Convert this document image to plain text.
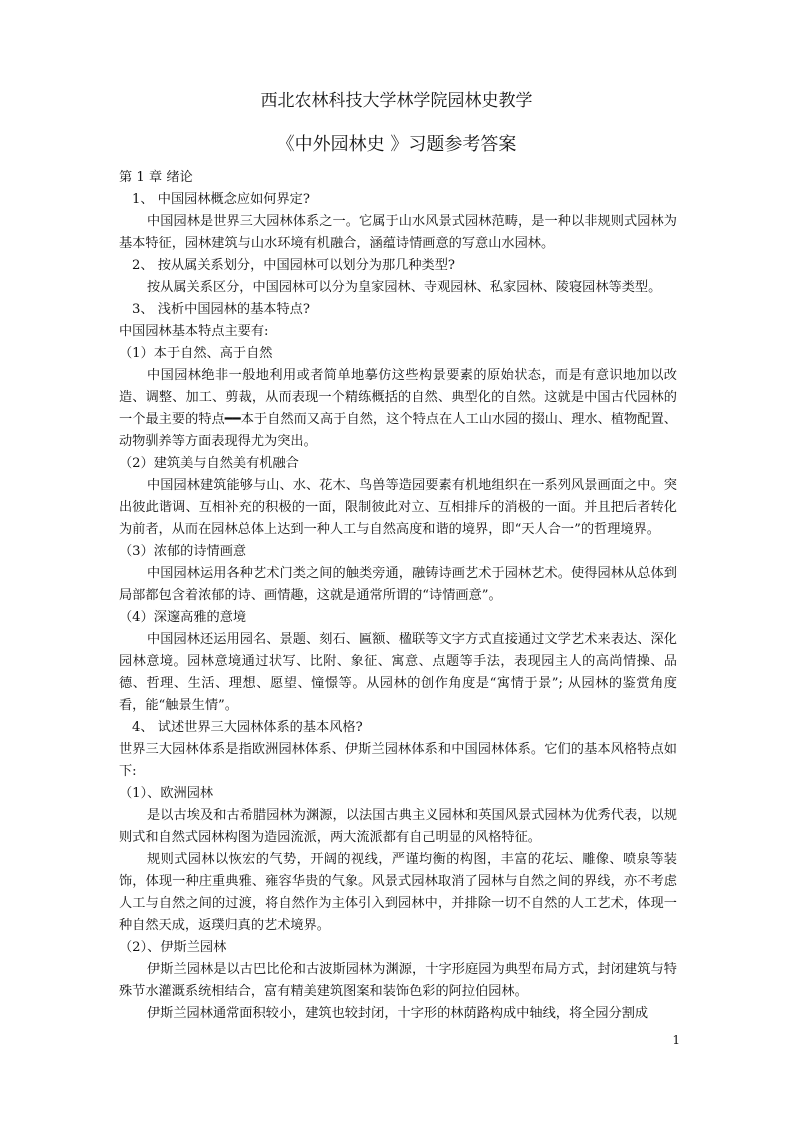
西北农林科技大学林学院园林史教学
《中外园林史 》习题参考答案

第 1 章 绪论

1、 中国园林概念应如何界定?

中国园林是世界三大园林体系之一。它属于山水风景式园林范畴，是一种以非规则式园林为基本特征，园林建筑与山水环境有机融合，涵蕴诗情画意的写意山水园林。

2、 按从属关系划分，中国园林可以划分为那几种类型?

按从属关系区分，中国园林可以分为皇家园林、寺观园林、私家园林、陵寝园林等类型。

3、 浅析中国园林的基本特点?

中国园林基本特点主要有:

（1）本于自然、高于自然

中国园林绝非一般地利用或者简单地摹仿这些构景要素的原始状态，而是有意识地加以改造、调整、加工、剪裁，从而表现一个精练概括的自然、典型化的自然。这就是中国古代园林的一个最主要的特点━━本于自然而又高于自然，这个特点在人工山水园的掇山、理水、植物配置、动物驯养等方面表现得尤为突出。

（2）建筑美与自然美有机融合

中国园林建筑能够与山、水、花木、鸟兽等造园要素有机地组织在一系列风景画面之中。突出彼此谐调、互相补充的积极的一面，限制彼此对立、互相排斥的消极的一面。并且把后者转化为前者，从而在园林总体上达到一种人工与自然高度和谐的境界，即“天人合一”的哲理境界。

（3）浓郁的诗情画意

中国园林运用各种艺术门类之间的触类旁通，融铸诗画艺术于园林艺术。使得园林从总体到局部都包含着浓郁的诗、画情趣，这就是通常所谓的“诗情画意”。

（4）深邃高雅的意境

中国园林还运用园名、景题、刻石、匾额、楹联等文字方式直接通过文学艺术来表达、深化园林意境。园林意境通过状写、比附、象征、寓意、点题等手法，表现园主人的高尚情操、品德、哲理、生活、理想、愿望、憧憬等。从园林的创作角度是“寓情于景”; 从园林的鉴赏角度看，能“触景生情”。

4、 试述世界三大园林体系的基本风格?

世界三大园林体系是指欧洲园林体系、伊斯兰园林体系和中国园林体系。它们的基本风格特点如下:

（1）、欧洲园林

是以古埃及和古希腊园林为渊源，以法国古典主义园林和英国风景式园林为优秀代表，以规则式和自然式园林构图为造园流派，两大流派都有自己明显的风格特征。

规则式园林以恢宏的气势，开阔的视线，严谨均衡的构图，丰富的花坛、雕像、喷泉等装饰，体现一种庄重典雅、雍容华贵的气象。风景式园林取消了园林与自然之间的界线，亦不考虑人工与自然之间的过渡，将自然作为主体引入到园林中，并排除一切不自然的人工艺术，体现一种自然天成，返璞归真的艺术境界。

（2）、伊斯兰园林

伊斯兰园林是以古巴比伦和古波斯园林为渊源，十字形庭园为典型布局方式，封闭建筑与特殊节水灌溉系统相结合，富有精美建筑图案和装饰色彩的阿拉伯园林。

伊斯兰园林通常面积较小，建筑也较封闭，十字形的林荫路构成中轴线，将全园分割成

1
